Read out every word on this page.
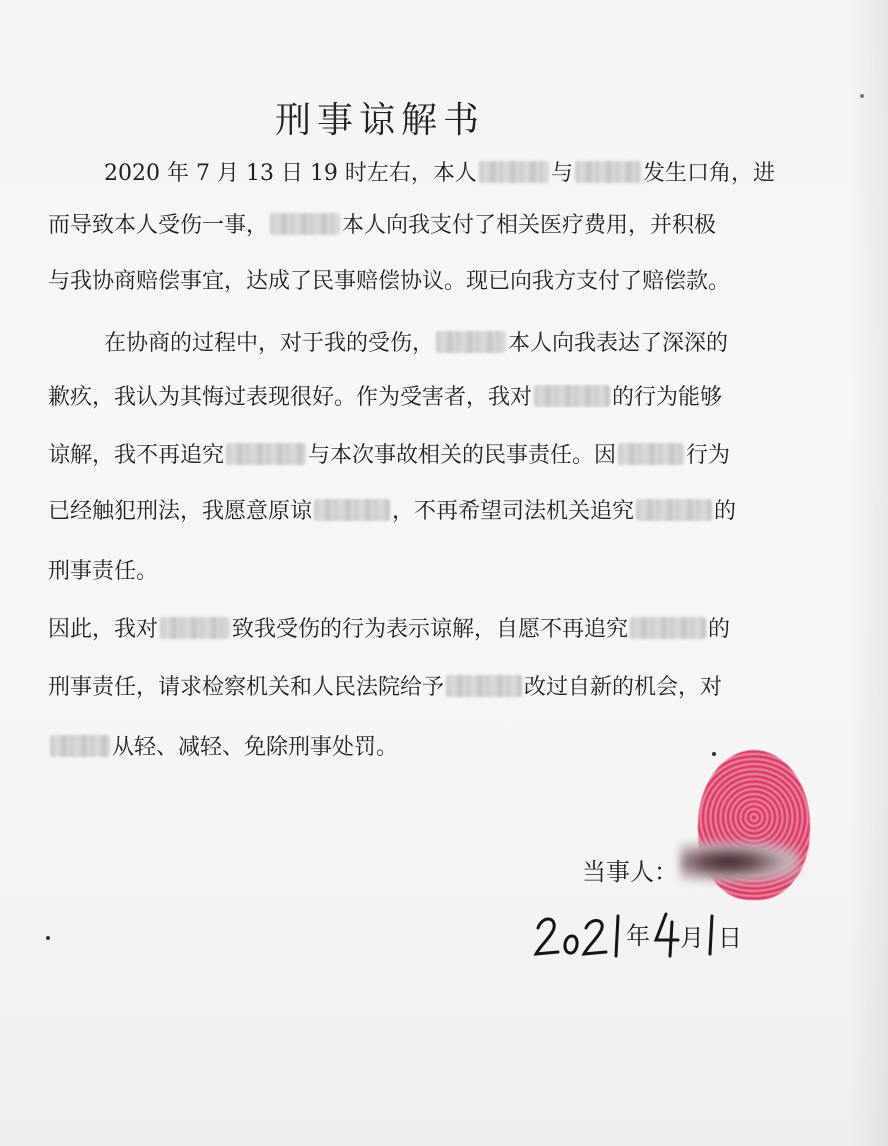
刑事谅解书
2020 年 7 月 13 日 19 时左右，本人	与	发生口角，进
而导致本人受伤一事，	本人向我支付了相关医疗费用，并积极
与我协商赔偿事宜，达成了民事赔偿协议。现已向我方支付了赔偿款。
在协商的过程中，对于我的受伤，	本人向我表达了深深的
歉疚，我认为其悔过表现很好。作为受害者，我对	的行为能够
谅解，我不再追究	与本次事故相关的民事责任。因	行为
已经触犯刑法，我愿意原谅	，不再希望司法机关追究	的
刑事责任。
因此，我对	致我受伤的行为表示谅解，自愿不再追究	的
刑事责任，请求检察机关和人民法院给予	改过自新的机会，对
从轻、减轻、免除刑事处罚。
当事人：
年 月 日
